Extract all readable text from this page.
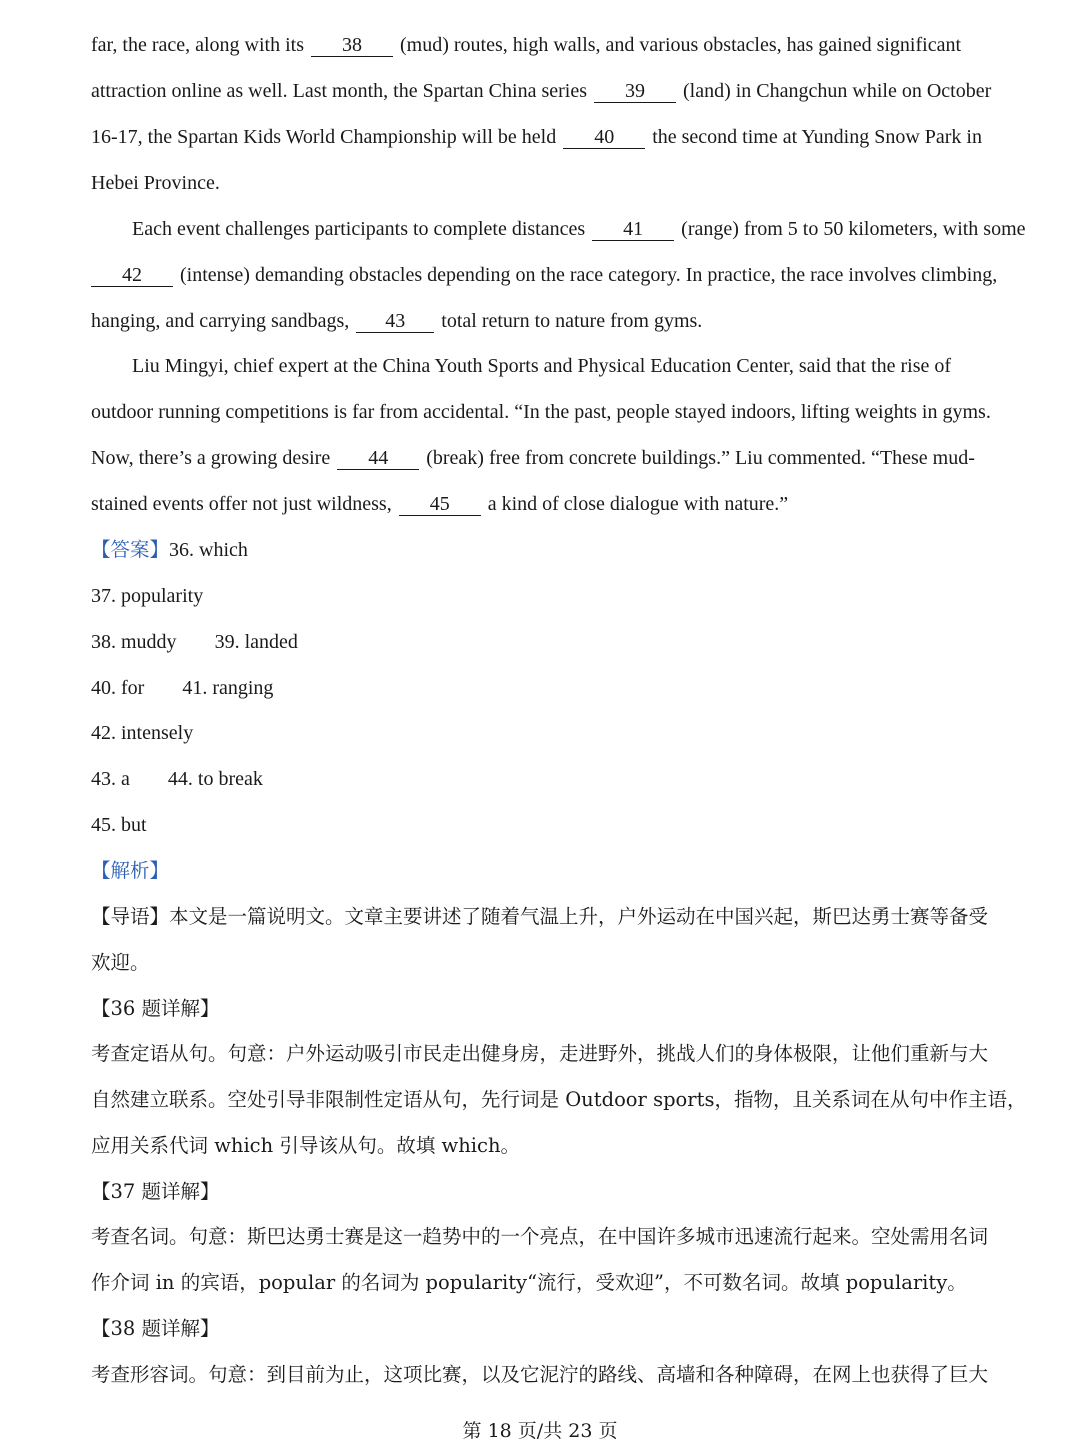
far, the race, along with its 38 (mud) routes, high walls, and various obstacles, has gained significant
attraction online as well. Last month, the Spartan China series 39 (land) in Changchun while on October
16-17, the Spartan Kids World Championship will be held 40 the second time at Yunding Snow Park in
Hebei Province.
Each event challenges participants to complete distances 41 (range) from 5 to 50 kilometers, with some
42 (intense) demanding obstacles depending on the race category. In practice, the race involves climbing,
hanging, and carrying sandbags, 43 total return to nature from gyms.
Liu Mingyi, chief expert at the China Youth Sports and Physical Education Center, said that the rise of
outdoor running competitions is far from accidental. “In the past, people stayed indoors, lifting weights in gyms.
Now, there’s a growing desire 44 (break) free from concrete buildings.” Liu commented. “These mud-
stained events offer not just wildness, 45 a kind of close dialogue with nature.”
【答案】36. which
37. popularity
38. muddy 39. landed
40. for 41. ranging
42. intensely
43. a 44. to break
45. but
【解析】
【导语】本文是一篇说明文。文章主要讲述了随着气温上升，户外运动在中国兴起，斯巴达勇士赛等备受
欢迎。
【36 题详解】
考查定语从句。句意：户外运动吸引市民走出健身房，走进野外，挑战人们的身体极限，让他们重新与大
自然建立联系。空处引导非限制性定语从句，先行词是 Outdoor sports，指物，且关系词在从句中作主语，
应用关系代词 which 引导该从句。故填 which。
【37 题详解】
考查名词。句意：斯巴达勇士赛是这一趋势中的一个亮点，在中国许多城市迅速流行起来。空处需用名词
作介词 in 的宾语，popular 的名词为 popularity“流行，受欢迎”，不可数名词。故填 popularity。
【38 题详解】
考查形容词。句意：到目前为止，这项比赛，以及它泥泞的路线、高墙和各种障碍，在网上也获得了巨大
第 18 页/共 23 页
